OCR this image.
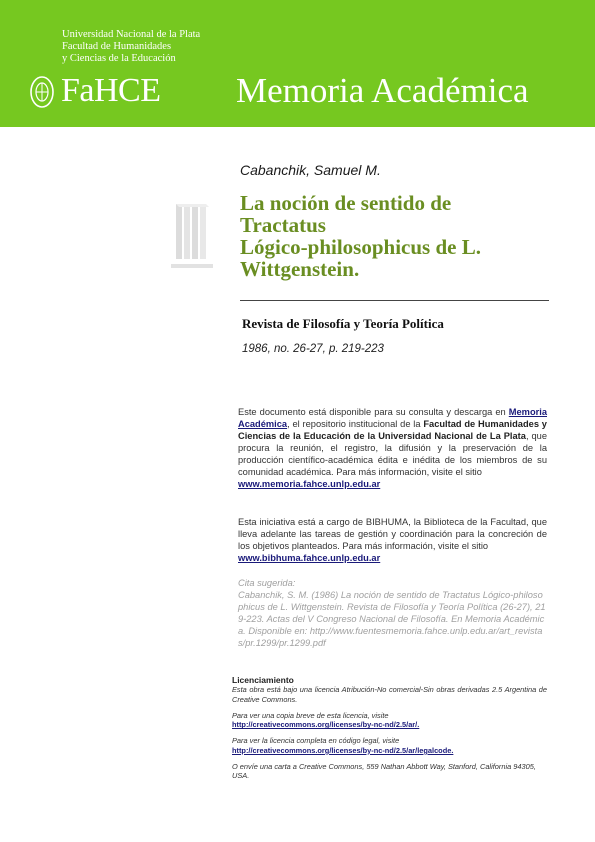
Universidad Nacional de la Plata
Facultad de Humanidades
y Ciencias de la Educación
FaHCE Memoria Académica
Cabanchik, Samuel M.
La noción de sentido de
Tractatus
Lógico-philosophicus de L.
Wittgenstein.
Revista de Filosofía y Teoría Política
1986, no. 26-27, p. 219-223
Este documento está disponible para su consulta y descarga en Memoria Académica, el repositorio institucional de la Facultad de Humanidades y Ciencias de la Educación de la Universidad Nacional de La Plata, que procura la reunión, el registro, la difusión y la preservación de la producción científico-académica édita e inédita de los miembros de su comunidad académica. Para más información, visite el sitio
www.memoria.fahce.unlp.edu.ar
Esta iniciativa está a cargo de BIBHUMA, la Biblioteca de la Facultad, que lleva adelante las tareas de gestión y coordinación para la concreción de los objetivos planteados. Para más información, visite el sitio
www.bibhuma.fahce.unlp.edu.ar
Cita sugerida:
Cabanchik, S. M. (1986) La noción de sentido de Tractatus Lógico-philosophicus de L. Wittgenstein. Revista de Filosofía y Teoría Política (26-27), 219-223. Actas del V Congreso Nacional de Filosofía. En Memoria Académica. Disponible en: http://www.fuentesmemoria.fahce.unlp.edu.ar/art_revistas/pr.1299/pr.1299.pdf
Licenciamiento
Esta obra está bajo una licencia Atribución-No comercial-Sin obras derivadas 2.5 Argentina de Creative Commons.
Para ver una copia breve de esta licencia, visite
http://creativecommons.org/licenses/by-nc-nd/2.5/ar/.
Para ver la licencia completa en código legal, visite
http://creativecommons.org/licenses/by-nc-nd/2.5/ar/legalcode.
O envíe una carta a Creative Commons, 559 Nathan Abbott Way, Stanford, California 94305, USA.
